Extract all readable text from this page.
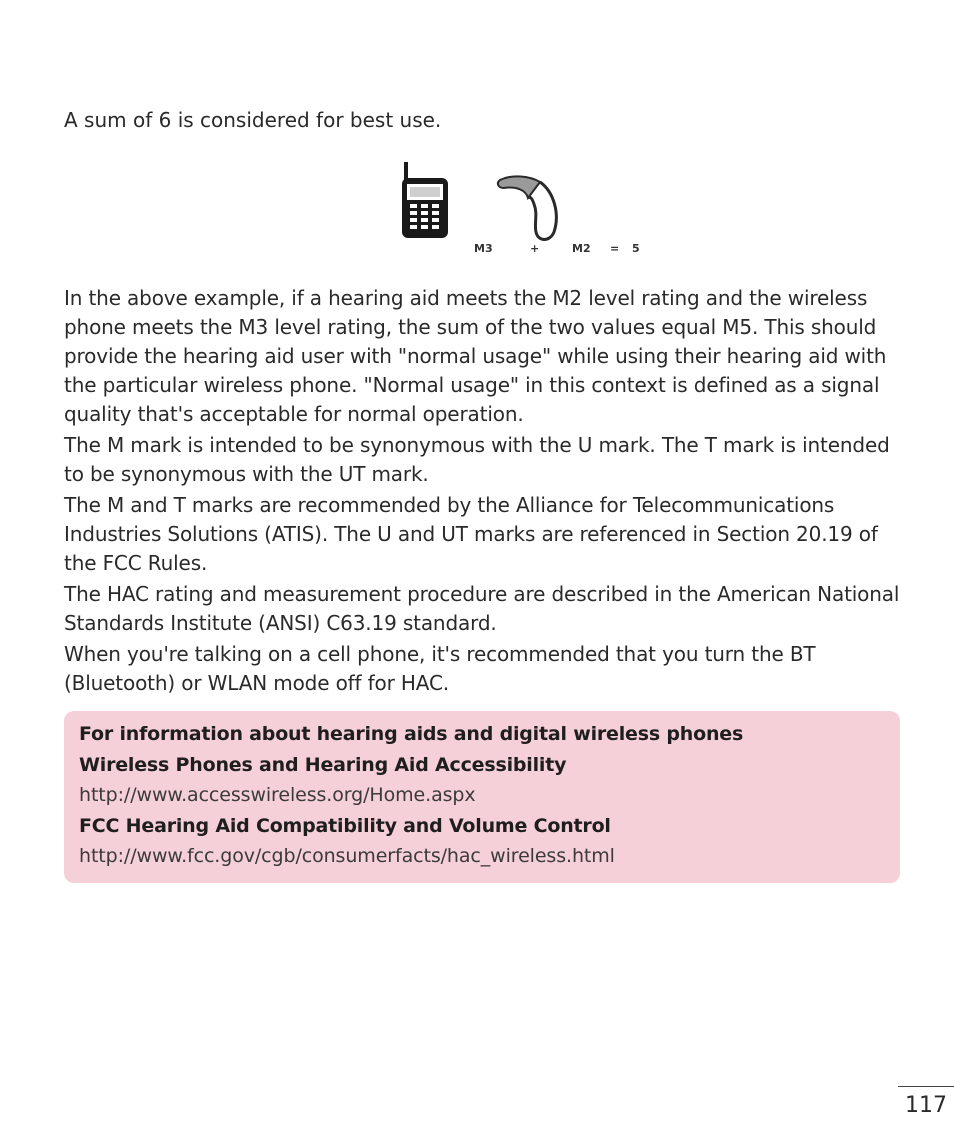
A sum of 6 is considered for best use.

M3	+	M2 = 5

In the above example, if a hearing aid meets the M2 level rating and the wireless phone meets the M3 level rating, the sum of the two values equal M5. This should provide the hearing aid user with "normal usage" while using their hearing aid with the particular wireless phone. "Normal usage" in this context is defined as a signal quality that's acceptable for normal operation.

The M mark is intended to be synonymous with the U mark. The T mark is intended to be synonymous with the UT mark.

The M and T marks are recommended by the Alliance for Telecommunications Industries Solutions (ATIS). The U and UT marks are referenced in Section 20.19 of the FCC Rules.

The HAC rating and measurement procedure are described in the American National Standards Institute (ANSI) C63.19 standard.

When you're talking on a cell phone, it's recommended that you turn the BT (Bluetooth) or WLAN mode off for HAC.

For information about hearing aids and digital wireless phones

Wireless Phones and Hearing Aid Accessibility

http://www.accesswireless.org/Home.aspx

FCC Hearing Aid Compatibility and Volume Control

http://www.fcc.gov/cgb/consumerfacts/hac_wireless.html

117
